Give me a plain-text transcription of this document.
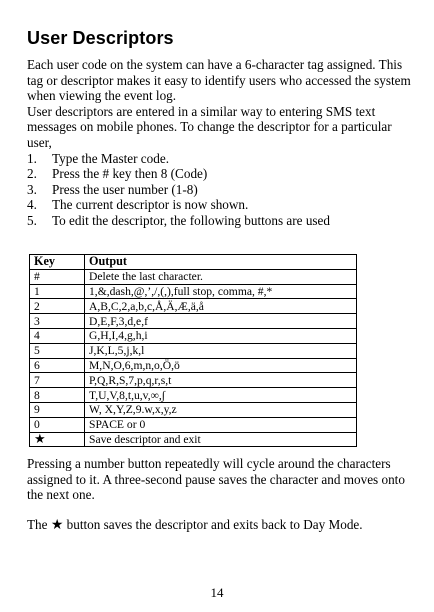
User Descriptors

Each user code on the system can have a 6-character tag assigned. This tag or descriptor makes it easy to identify users who accessed the system when viewing the event log.

User descriptors are entered in a similar way to entering SMS text messages on mobile phones. To change the descriptor for a particular user,

1.	Type the Master code.
2.	Press the # key then 8 (Code)
3.	Press the user number (1-8)
4.	The current descriptor is now shown.
5.	To edit the descriptor, the following buttons are used
Key	Output
#	Delete the last character.
1	1,&,dash,@,’,/,(,),full stop, comma, #,*
2	A,B,C,2,a,b,c,Å,Ä,Æ,ä,å
3	D,E,F,3,d,e,f
4	G,H,I,4,g,h,i
5	J,K,L,5,j,k,l
6	M,N,O,6,m,n,o,Ö,ö
7	P,Q,R,S,7,p,q,r,s,t
8	T,U,V,8,t,u,v,∞,∫
9	W, X,Y,Z,9.w,x,y,z
0	SPACE or 0
★	Save descriptor and exit

Pressing a number button repeatedly will cycle around the characters assigned to it. A three-second pause saves the character and moves onto the next one.

The ★ button saves the descriptor and exits back to Day Mode.

14
